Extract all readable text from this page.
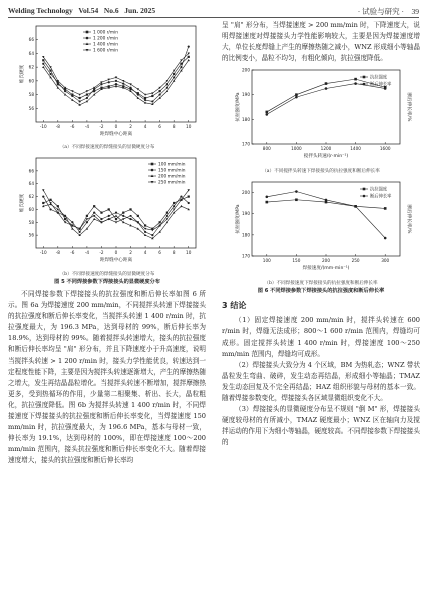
Welding Technology Vol.54 No.6 Jun. 2025	· 试验与研究 · 39
-10 -8 -6 -4 -2	0	2	4	6	8	10
56
58
60
62
64
66
距焊缝中心距离
维氏硬度
1 000 r/min
1 200 r/min
1 400 r/min
1 600 r/min
（a）不同焊接速度的焊缝接头的显微硬度分布
-10 -8 -6 -4 -2	0	2	4	6	8	10
56
58
60
62
64
66
距焊缝中心距离
维氏硬度
100 mm/min
150 mm/min
200 mm/min
250 mm/min
（b）不同焊接速度的焊缝接头的显微硬度分布
图 5 不同焊接参数下焊接接头的显微硬度分布

不同焊接参数下焊接接头的抗拉强度和断后伸长率如图 6 所示。图 6a 为焊接速度 200 mm/min，不同搅拌头转速下焊接接头的抗拉强度和断后伸长率变化，当搅拌头转速 1 400 r/min 时，抗拉强度最大，为 196.3 MPa，达到母材的 99%，断后伸长率为 18.9%，达到母材的 99%。随着搅拌头转速增大，接头的抗拉强度和断后伸长率均呈 "肩" 形分布，并且下降速度小于升高速度，说明当搅拌头转速 > 1 200 r/min 时，接头力学性能优良，转速达到一定程度性能下降，主要是因为搅拌头转速逐渐增大，产生的摩擦热随之增大，发生再结晶晶粒增化。当搅拌头转速不断增加，搅拌摩擦热更多，受到热循环的作用，少量第二相聚集、析出、长大，晶粒粗化，抗拉强度降低。图 6b 为搅拌头转速 1 400 r/min 时，不同焊接速度下焊接接头的抗拉强度和断后伸长率变化，当焊接速度 150 mm/min 时，抗拉强度最大，为 196.6 MPa，基本与母材一致，伸长率为 19.1%，达到母材的 100%，即在焊接速度 100～200 mm/min 范围内，接头抗拉强度和断后伸长率变化不大。随着焊接速度增大，接头的抗拉强度和断后伸长率均

呈 "肩" 形分布，当焊接速度 > 200 mm/min 时，下降速度大，说明焊接速度对焊接接头力学性能影响较大，主要是因为焊接速度增大，单位长度焊缝上产生的摩擦热随之减小，WNZ 形成细小等轴晶的比例变小，晶粒不均匀，有粗化倾向，抗拉强度降低。

800	1000	1200	1400	1600
170
180
190
200
搅拌头转速/(r·min⁻¹)
抗拉强度/MPa	断后伸长率/%
抗拉强度
断后伸长率
（a）不同搅拌头转速下焊接接头的抗拉强度和断后伸长率
100	150	200	250	300
170
180
190
200
焊接速度/(mm·min⁻¹)
抗拉强度/MPa	断后伸长率/%
抗拉强度
断后伸长率
（b）不同焊接速度下焊接接头的抗拉强度和断后伸长率
图 6 不同焊接参数下焊接接头的抗拉强度和断后伸长率
3 结论

（1）固定焊接速度 200 mm/min 时，搅拌头转速在 600 r/min 时，焊缝无法成形；800～1 600 r/min 范围内，焊缝均可成形。固定搅拌头转速 1 400 r/min 时，焊接速度 100～250 mm/min 范围内，焊缝均可成形。

（2）焊接接头大致分为 4 个区域，BM 为热轧态；WNZ 带状晶粒发生弯曲、破碎，发生动态再结晶，形成细小等轴晶；TMAZ 发生动态回复及不完全再结晶；HAZ 组织形貌与母材的基本一致。随着焊接参数变化，焊接接头各区域显微组织变化不大。

（3）焊接接头的显微硬度分布呈不规则 "倒 M" 形，焊接接头硬度较母材的有所减小，TMAZ 硬度最小；WNZ 区在轴向力及搅拌运动的作用下为细小等轴晶，硬度较高。不同焊接参数下焊接接头的
